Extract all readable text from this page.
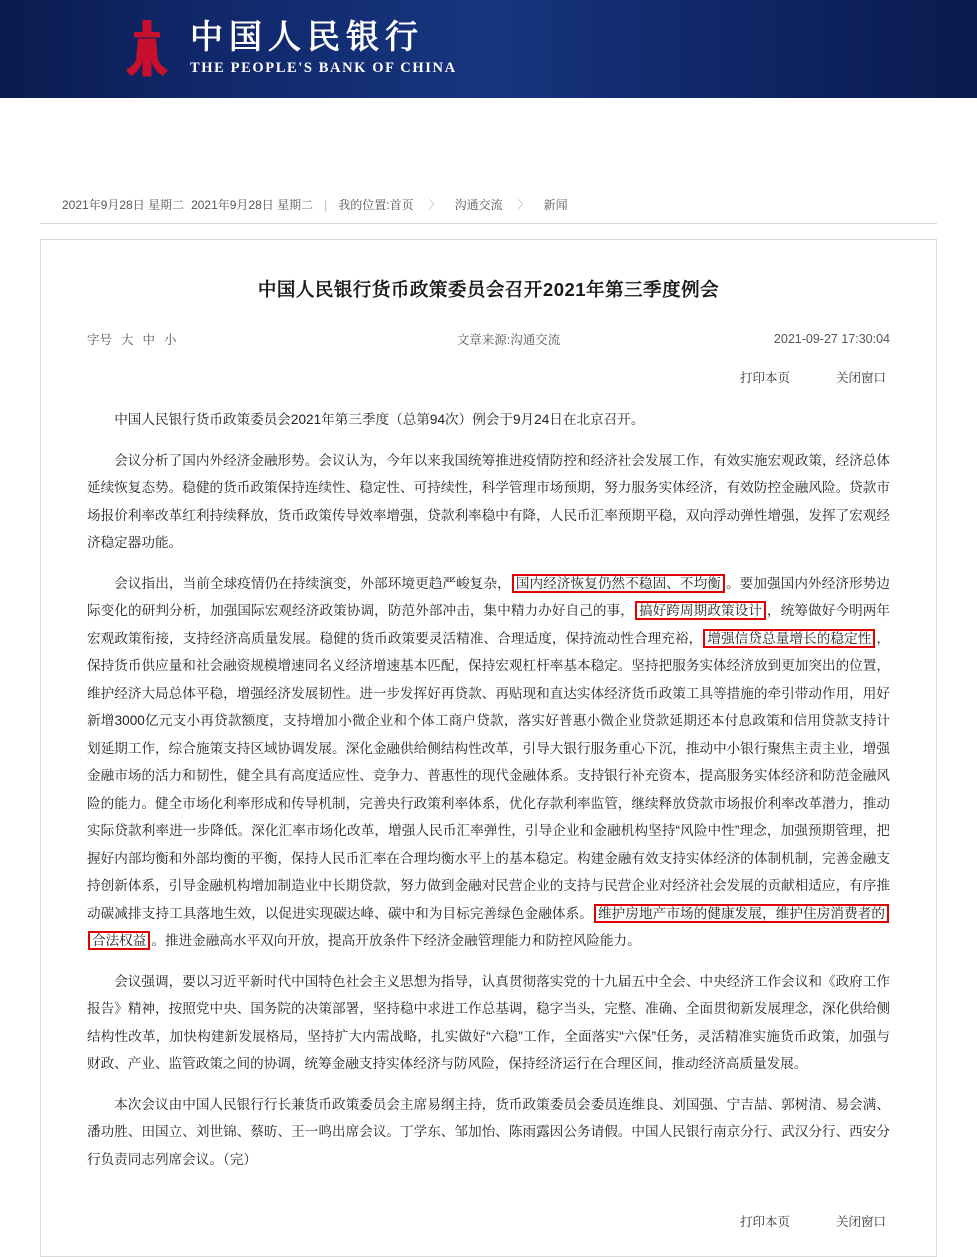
中国人民银行
THE PEOPLE'S BANK OF CHINA
2021年9月28日 星期二 2021年9月28日 星期二 | 我的位置:首页 〉 沟通交流 〉 新闻
中国人民银行货币政策委员会召开2021年第三季度例会
字号 大 中 小	文章来源:沟通交流	2021-09-27 17:30:04
打印本页	关闭窗口

中国人民银行货币政策委员会2021年第三季度（总第94次）例会于9月24日在北京召开。

会议分析了国内外经济金融形势。会议认为，今年以来我国统筹推进疫情防控和经济社会发展工作，有效实施宏观政策，经济总体延续恢复态势。稳健的货币政策保持连续性、稳定性、可持续性，科学管理市场预期，努力服务实体经济，有效防控金融风险。贷款市场报价利率改革红利持续释放，货币政策传导效率增强，贷款利率稳中有降，人民币汇率预期平稳，双向浮动弹性增强，发挥了宏观经济稳定器功能。

会议指出，当前全球疫情仍在持续演变，外部环境更趋严峻复杂， 国内经济恢复仍然不稳固、不均衡 。要加强国内外经济形势边际变化的研判分析，加强国际宏观经济政策协调，防范外部冲击，集中精力办好自己的事， 搞好跨周期政策设计 ，统筹做好今明两年宏观政策衔接，支持经济高质量发展。稳健的货币政策要灵活精准、合理适度，保持流动性合理充裕， 增强信贷总量增长的稳定性 ，保持货币供应量和社会融资规模增速同名义经济增速基本匹配，保持宏观杠杆率基本稳定。坚持把服务实体经济放到更加突出的位置，维护经济大局总体平稳，增强经济发展韧性。进一步发挥好再贷款、再贴现和直达实体经济货币政策工具等措施的牵引带动作用，用好新增3000亿元支小再贷款额度，支持增加小微企业和个体工商户贷款，落实好普惠小微企业贷款延期还本付息政策和信用贷款支持计划延期工作，综合施策支持区域协调发展。深化金融供给侧结构性改革，引导大银行服务重心下沉，推动中小银行聚焦主责主业，增强金融市场的活力和韧性，健全具有高度适应性、竞争力、普惠性的现代金融体系。支持银行补充资本，提高服务实体经济和防范金融风险的能力。健全市场化利率形成和传导机制，完善央行政策利率体系，优化存款利率监管，继续释放贷款市场报价利率改革潜力，推动实际贷款利率进一步降低。深化汇率市场化改革，增强人民币汇率弹性，引导企业和金融机构坚持“风险中性”理念，加强预期管理，把握好内部均衡和外部均衡的平衡，保持人民币汇率在合理均衡水平上的基本稳定。构建金融有效支持实体经济的体制机制，完善金融支持创新体系，引导金融机构增加制造业中长期贷款，努力做到金融对民营企业的支持与民营企业对经济社会发展的贡献相适应，有序推动碳减排支持工具落地生效，以促进实现碳达峰、碳中和为目标完善绿色金融体系。 维护房地产市场的健康发展，维护住房消费者的合法权益 。推进金融高水平双向开放，提高开放条件下经济金融管理能力和防控风险能力。

会议强调，要以习近平新时代中国特色社会主义思想为指导，认真贯彻落实党的十九届五中全会、中央经济工作会议和《政府工作报告》精神，按照党中央、国务院的决策部署，坚持稳中求进工作总基调，稳字当头，完整、准确、全面贯彻新发展理念，深化供给侧结构性改革，加快构建新发展格局，坚持扩大内需战略，扎实做好“六稳”工作，全面落实“六保”任务，灵活精准实施货币政策，加强与财政、产业、监管政策之间的协调，统筹金融支持实体经济与防风险，保持经济运行在合理区间，推动经济高质量发展。

本次会议由中国人民银行行长兼货币政策委员会主席易纲主持，货币政策委员会委员连维良、刘国强、宁吉喆、郭树清、易会满、潘功胜、田国立、刘世锦、蔡昉、王一鸣出席会议。丁学东、邹加怡、陈雨露因公务请假。中国人民银行南京分行、武汉分行、西安分行负责同志列席会议。（完）

打印本页	关闭窗口
